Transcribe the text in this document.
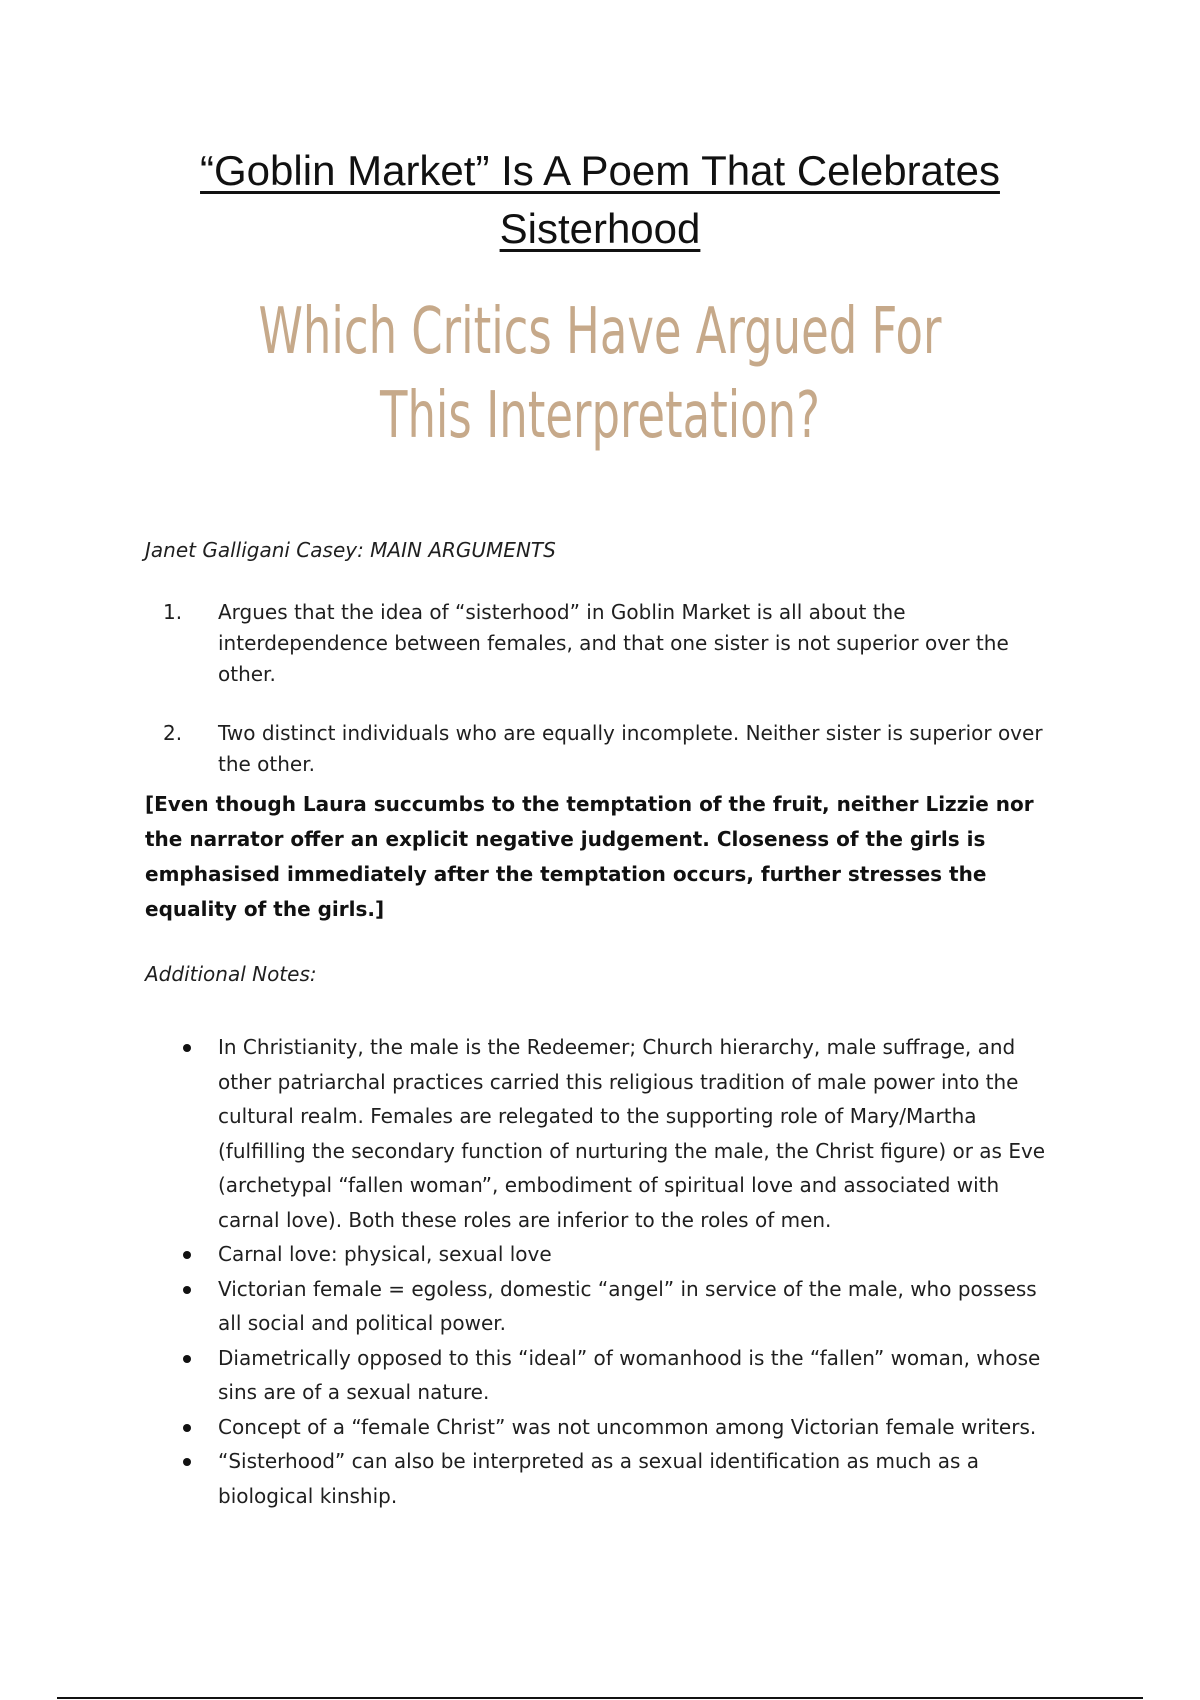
“Goblin Market” Is A Poem That Celebrates Sisterhood
Which Critics Have Argued For This Interpretation?
Janet Galligani Casey: MAIN ARGUMENTS
1. Argues that the idea of “sisterhood” in Goblin Market is all about the interdependence between females, and that one sister is not superior over the other.
2. Two distinct individuals who are equally incomplete. Neither sister is superior over the other.
[Even though Laura succumbs to the temptation of the fruit, neither Lizzie nor the narrator offer an explicit negative judgement. Closeness of the girls is emphasised immediately after the temptation occurs, further stresses the equality of the girls.]
Additional Notes:
In Christianity, the male is the Redeemer; Church hierarchy, male suffrage, and other patriarchal practices carried this religious tradition of male power into the cultural realm. Females are relegated to the supporting role of Mary/Martha (fulfilling the secondary function of nurturing the male, the Christ figure) or as Eve (archetypal “fallen woman”, embodiment of spiritual love and associated with carnal love). Both these roles are inferior to the roles of men.
Carnal love: physical, sexual love
Victorian female = egoless, domestic “angel” in service of the male, who possess all social and political power.
Diametrically opposed to this “ideal” of womanhood is the “fallen” woman, whose sins are of a sexual nature.
Concept of a “female Christ” was not uncommon among Victorian female writers.
“Sisterhood” can also be interpreted as a sexual identification as much as a biological kinship.
